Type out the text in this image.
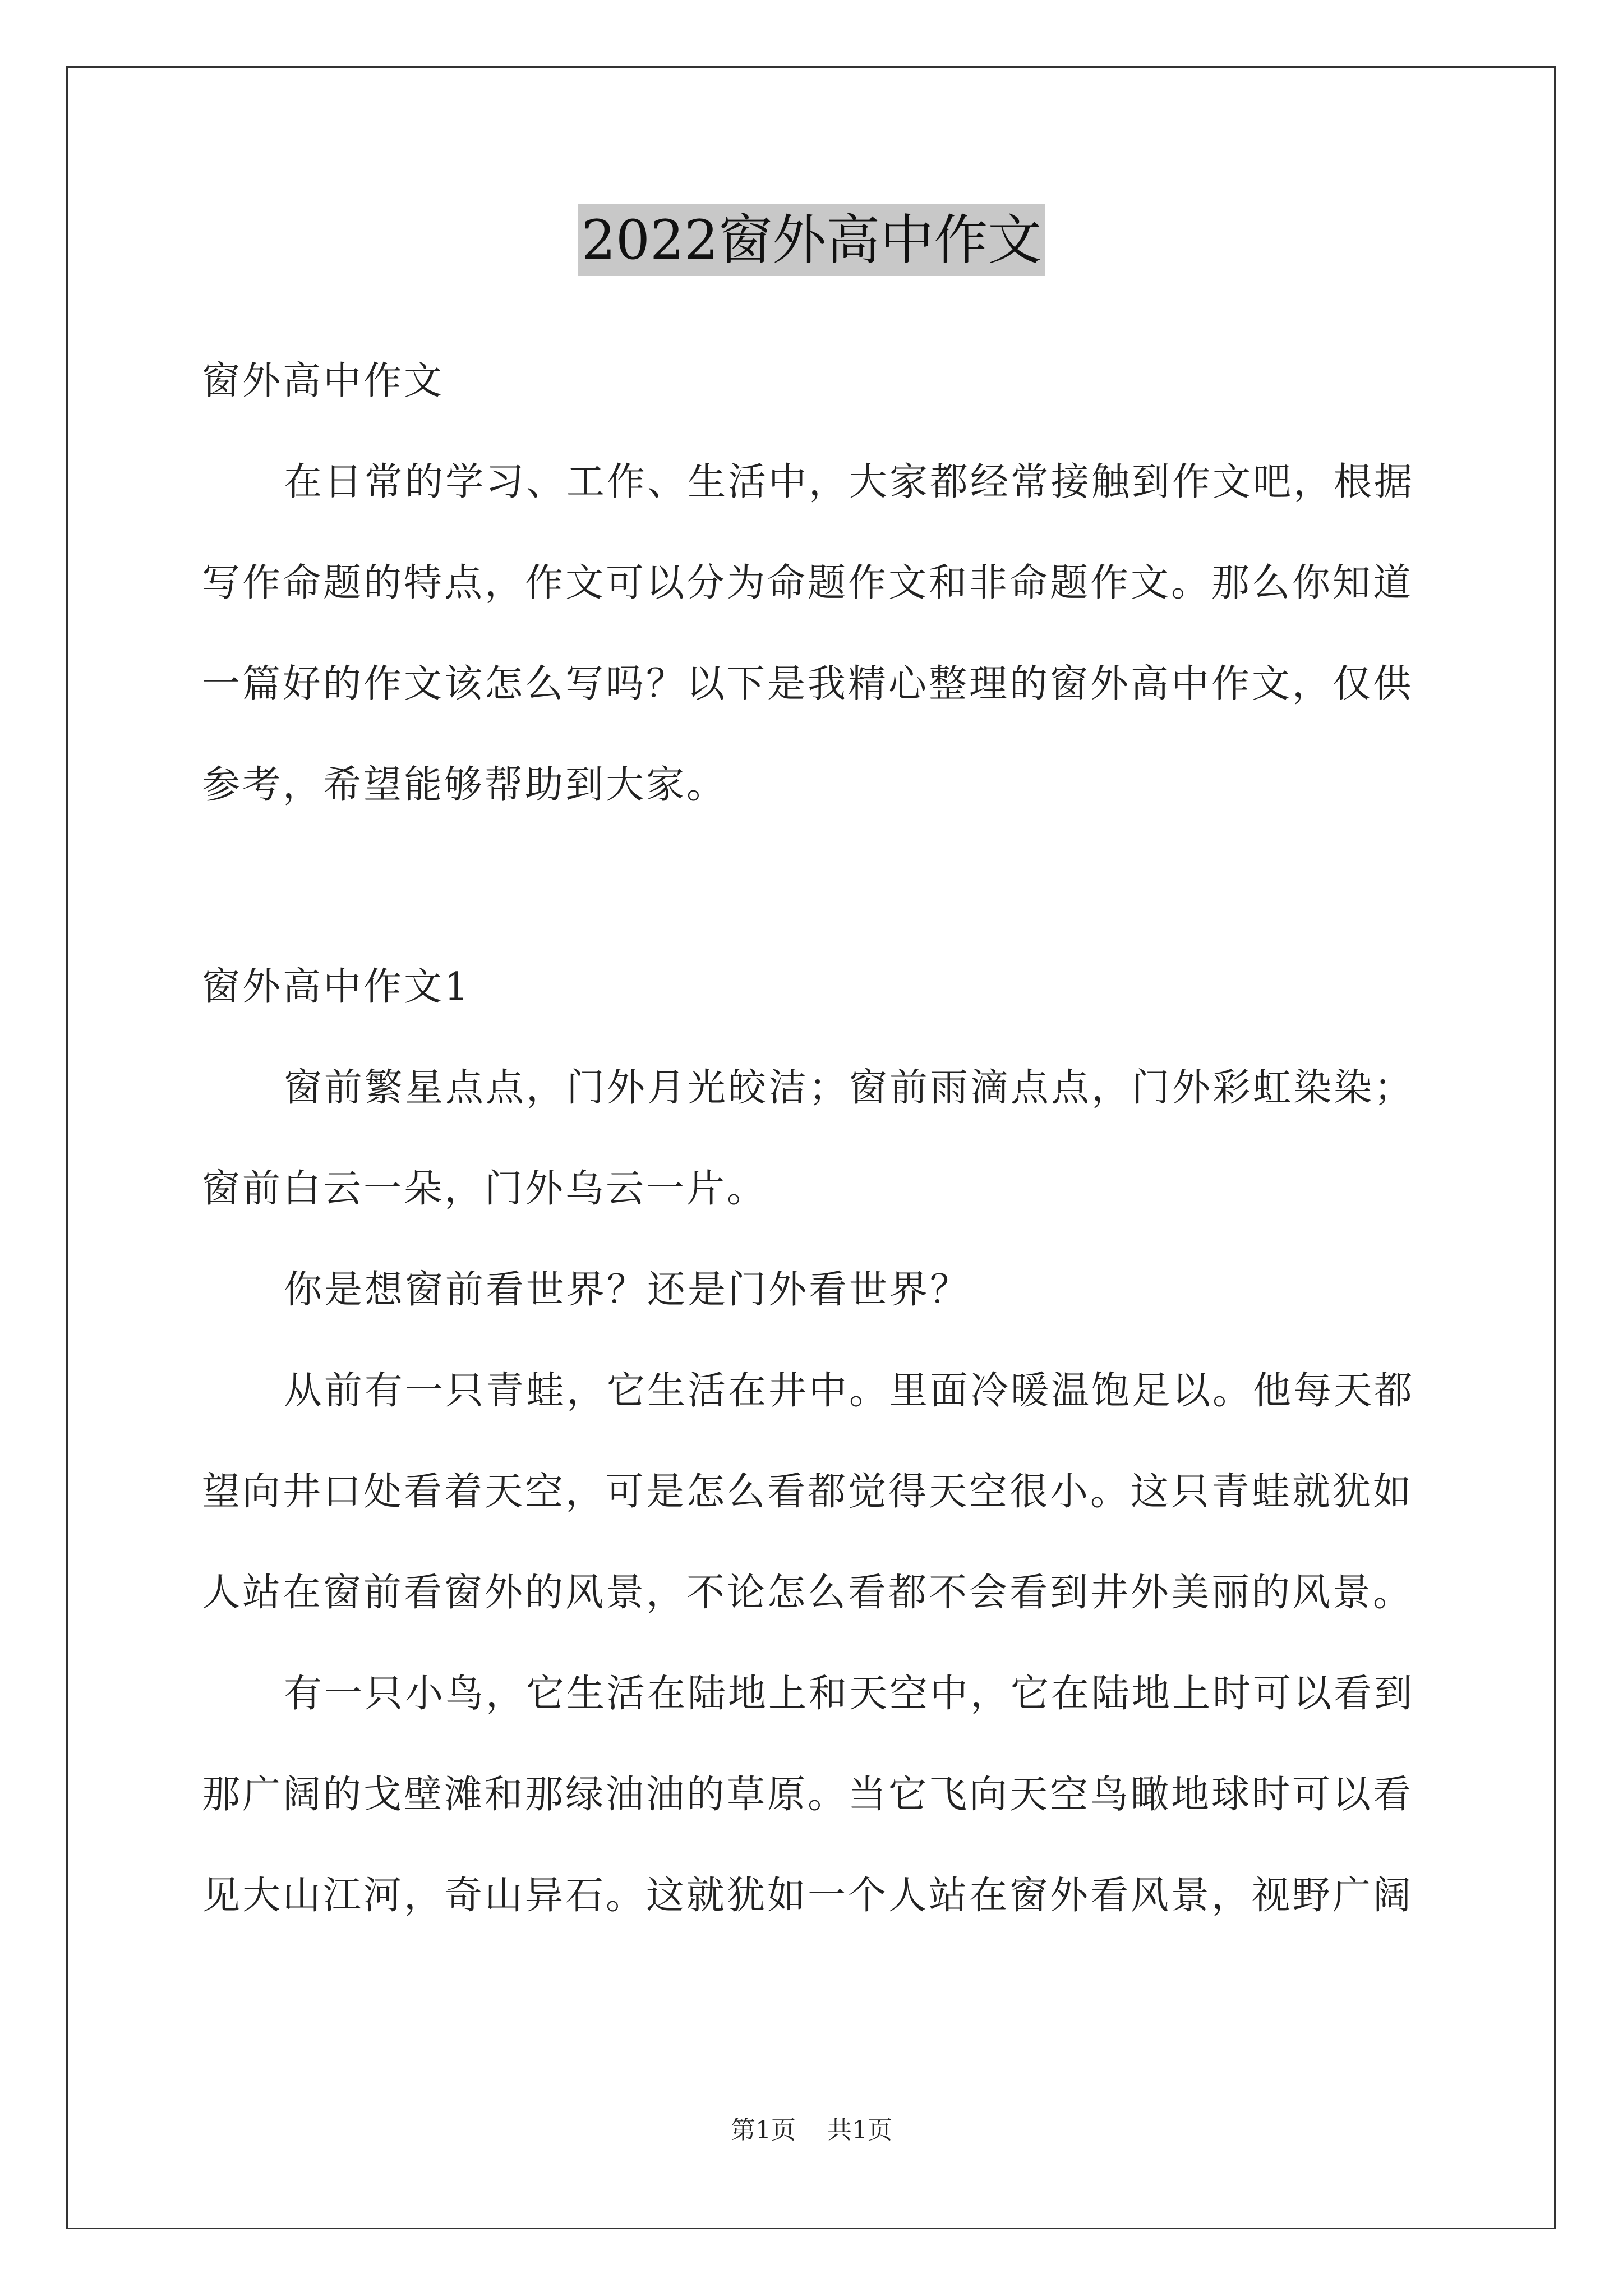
2022窗外高中作文
窗外高中作文
在日常的学习、工作、生活中，大家都经常接触到作文吧，根据
写作命题的特点，作文可以分为命题作文和非命题作文。那么你知道
一篇好的作文该怎么写吗？以下是我精心整理的窗外高中作文，仅供
参考，希望能够帮助到大家。
窗外高中作文1
窗前繁星点点，门外月光皎洁；窗前雨滴点点，门外彩虹染染；
窗前白云一朵，门外乌云一片。
你是想窗前看世界？还是门外看世界？
从前有一只青蛙，它生活在井中。里面冷暖温饱足以。他每天都
望向井口处看着天空，可是怎么看都觉得天空很小。这只青蛙就犹如
人站在窗前看窗外的风景，不论怎么看都不会看到井外美丽的风景。
有一只小鸟，它生活在陆地上和天空中，它在陆地上时可以看到
那广阔的戈壁滩和那绿油油的草原。当它飞向天空鸟瞰地球时可以看
见大山江河，奇山异石。这就犹如一个人站在窗外看风景，视野广阔
第1页 共1页
